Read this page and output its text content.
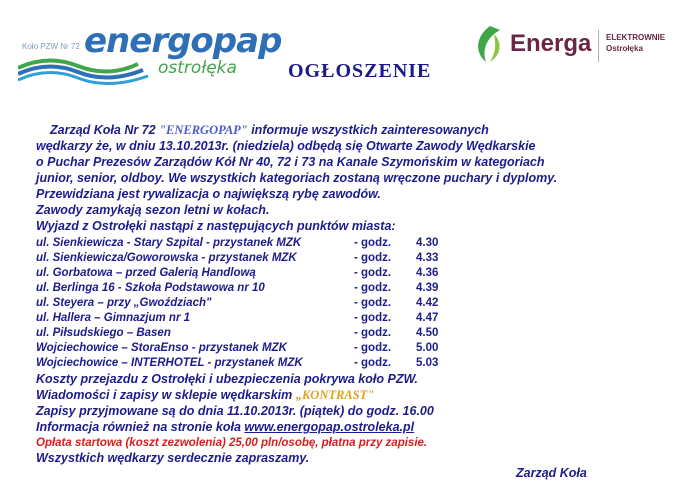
Koło PZW Nr 72 energopap
ostrołęka
Energa ELEKTROWNIE
Ostrołęka
OGŁOSZENIE
Zarząd Koła Nr 72 "ENERGOPAP" informuje wszystkich zainteresowanych
wędkarzy że, w dniu 13.10.2013r. (niedziela) odbędą się Otwarte Zawody Wędkarskie
o Puchar Prezesów Zarządów Kół Nr 40, 72 i 73 na Kanale Szymońskim w kategoriach
junior, senior, oldboy. We wszystkich kategoriach zostaną wręczone puchary i dyplomy.
Przewidziana jest rywalizacja o największą rybę zawodów.
Zawody zamykają sezon letni w kołach.
Wyjazd z Ostrołęki nastąpi z następujących punktów miasta:
ul. Sienkiewicza - Stary Szpital - przystanek MZK	- godz. 4.30
ul. Sienkiewicza/Goworowska - przystanek MZK	- godz. 4.33
ul. Gorbatowa – przed Galerią Handlową	- godz. 4.36
ul. Berlinga 16 - Szkoła Podstawowa nr 10	- godz. 4.39
ul. Steyera – przy „Gwoździach"	- godz. 4.42
ul. Hallera – Gimnazjum nr 1	- godz. 4.47
ul. Piłsudskiego – Basen	- godz. 4.50
Wojciechowice – StoraEnso - przystanek MZK	- godz. 5.00
Wojciechowice – INTERHOTEL - przystanek MZK	- godz. 5.03
Koszty przejazdu z Ostrołęki i ubezpieczenia pokrywa koło PZW.
Wiadomości i zapisy w sklepie wędkarskim „KONTRAST"
Zapisy przyjmowane są do dnia 11.10.2013r. (piątek) do godz. 16.00
Informacja również na stronie koła www.energopap.ostroleka.pl
Opłata startowa (koszt zezwolenia) 25,00 pln/osobę, płatna przy zapisie.
Wszystkich wędkarzy serdecznie zapraszamy.
Zarząd Koła
